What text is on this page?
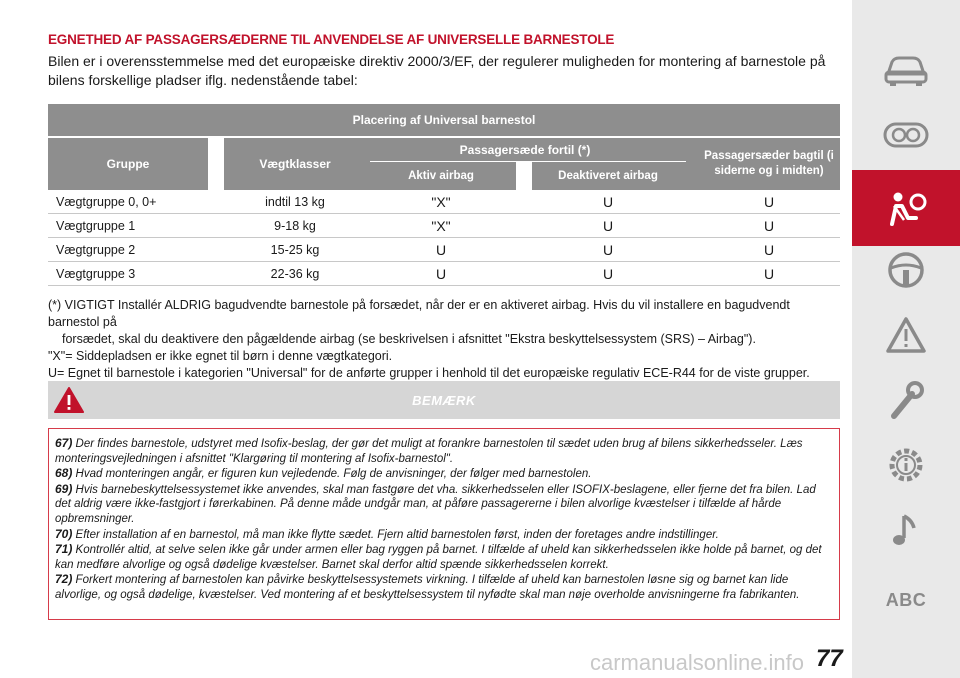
EGNETHED AF PASSAGERSÆDERNE TIL ANVENDELSE AF UNIVERSELLE BARNESTOLE
Bilen er i overensstemmelse med det europæiske direktiv 2000/3/EF, der regulerer muligheden for montering af barnestole på bilens forskellige pladser iflg. nedenstående tabel:
Placering af Universal barnestol
Gruppe	Vægtklasser
Passagersæde fortil (*)
Aktiv airbag	Deaktiveret airbag
Passagersæder bagtil (i siderne og i midten)
Vægtgruppe 0, 0+	indtil 13 kg	"X"	U	U
Vægtgruppe 1	9-18 kg	"X"	U	U
Vægtgruppe 2	15-25 kg	U	U	U
Vægtgruppe 3	22-36 kg	U	U	U
(*) VIGTIGT Installér ALDRIG bagudvendte barnestole på forsædet, når der er en aktiveret airbag. Hvis du vil installere en bagudvendt barnestol på
forsædet, skal du deaktivere den pågældende airbag (se beskrivelsen i afsnittet "Ekstra beskyttelsessystem (SRS) – Airbag").
"X"= Siddepladsen er ikke egnet til børn i denne vægtkategori.
U= Egnet til barnestole i kategorien "Universal" for de anførte grupper i henhold til det europæiske regulativ ECE-R44 for de viste grupper.
BEMÆRK
67) Der findes barnestole, udstyret med Isofix-beslag, der gør det muligt at forankre barnestolen til sædet uden brug af bilens sikkerhedsseler. Læs monteringsvejledningen i afsnittet "Klargøring til montering af Isofix-barnestol".
68) Hvad monteringen angår, er figuren kun vejledende. Følg de anvisninger, der følger med barnestolen.
69) Hvis barnebeskyttelsessystemet ikke anvendes, skal man fastgøre det vha. sikkerhedsselen eller ISOFIX-beslagene, eller fjerne det fra bilen. Lad det aldrig være ikke-fastgjort i førerkabinen. På denne måde undgår man, at påføre passagererne i bilen alvorlige kvæstelser i tilfælde af hårde opbremsninger.
70) Efter installation af en barnestol, må man ikke flytte sædet. Fjern altid barnestolen først, inden der foretages andre indstillinger.
71) Kontrollér altid, at selve selen ikke går under armen eller bag ryggen på barnet. I tilfælde af uheld kan sikkerhedsselen ikke holde på barnet, og det kan medføre alvorlige og også dødelige kvæstelser. Barnet skal derfor altid spænde sikkerhedsselen korrekt.
72) Forkert montering af barnestolen kan påvirke beskyttelsessystemets virkning. I tilfælde af uheld kan barnestolen løsne sig og barnet kan lide alvorlige, og også dødelige, kvæstelser. Ved montering af et beskyttelsessystem til nyfødte skal man nøje overholde anvisningerne fra fabrikanten.
carmanualsonline.info 77
ABC
